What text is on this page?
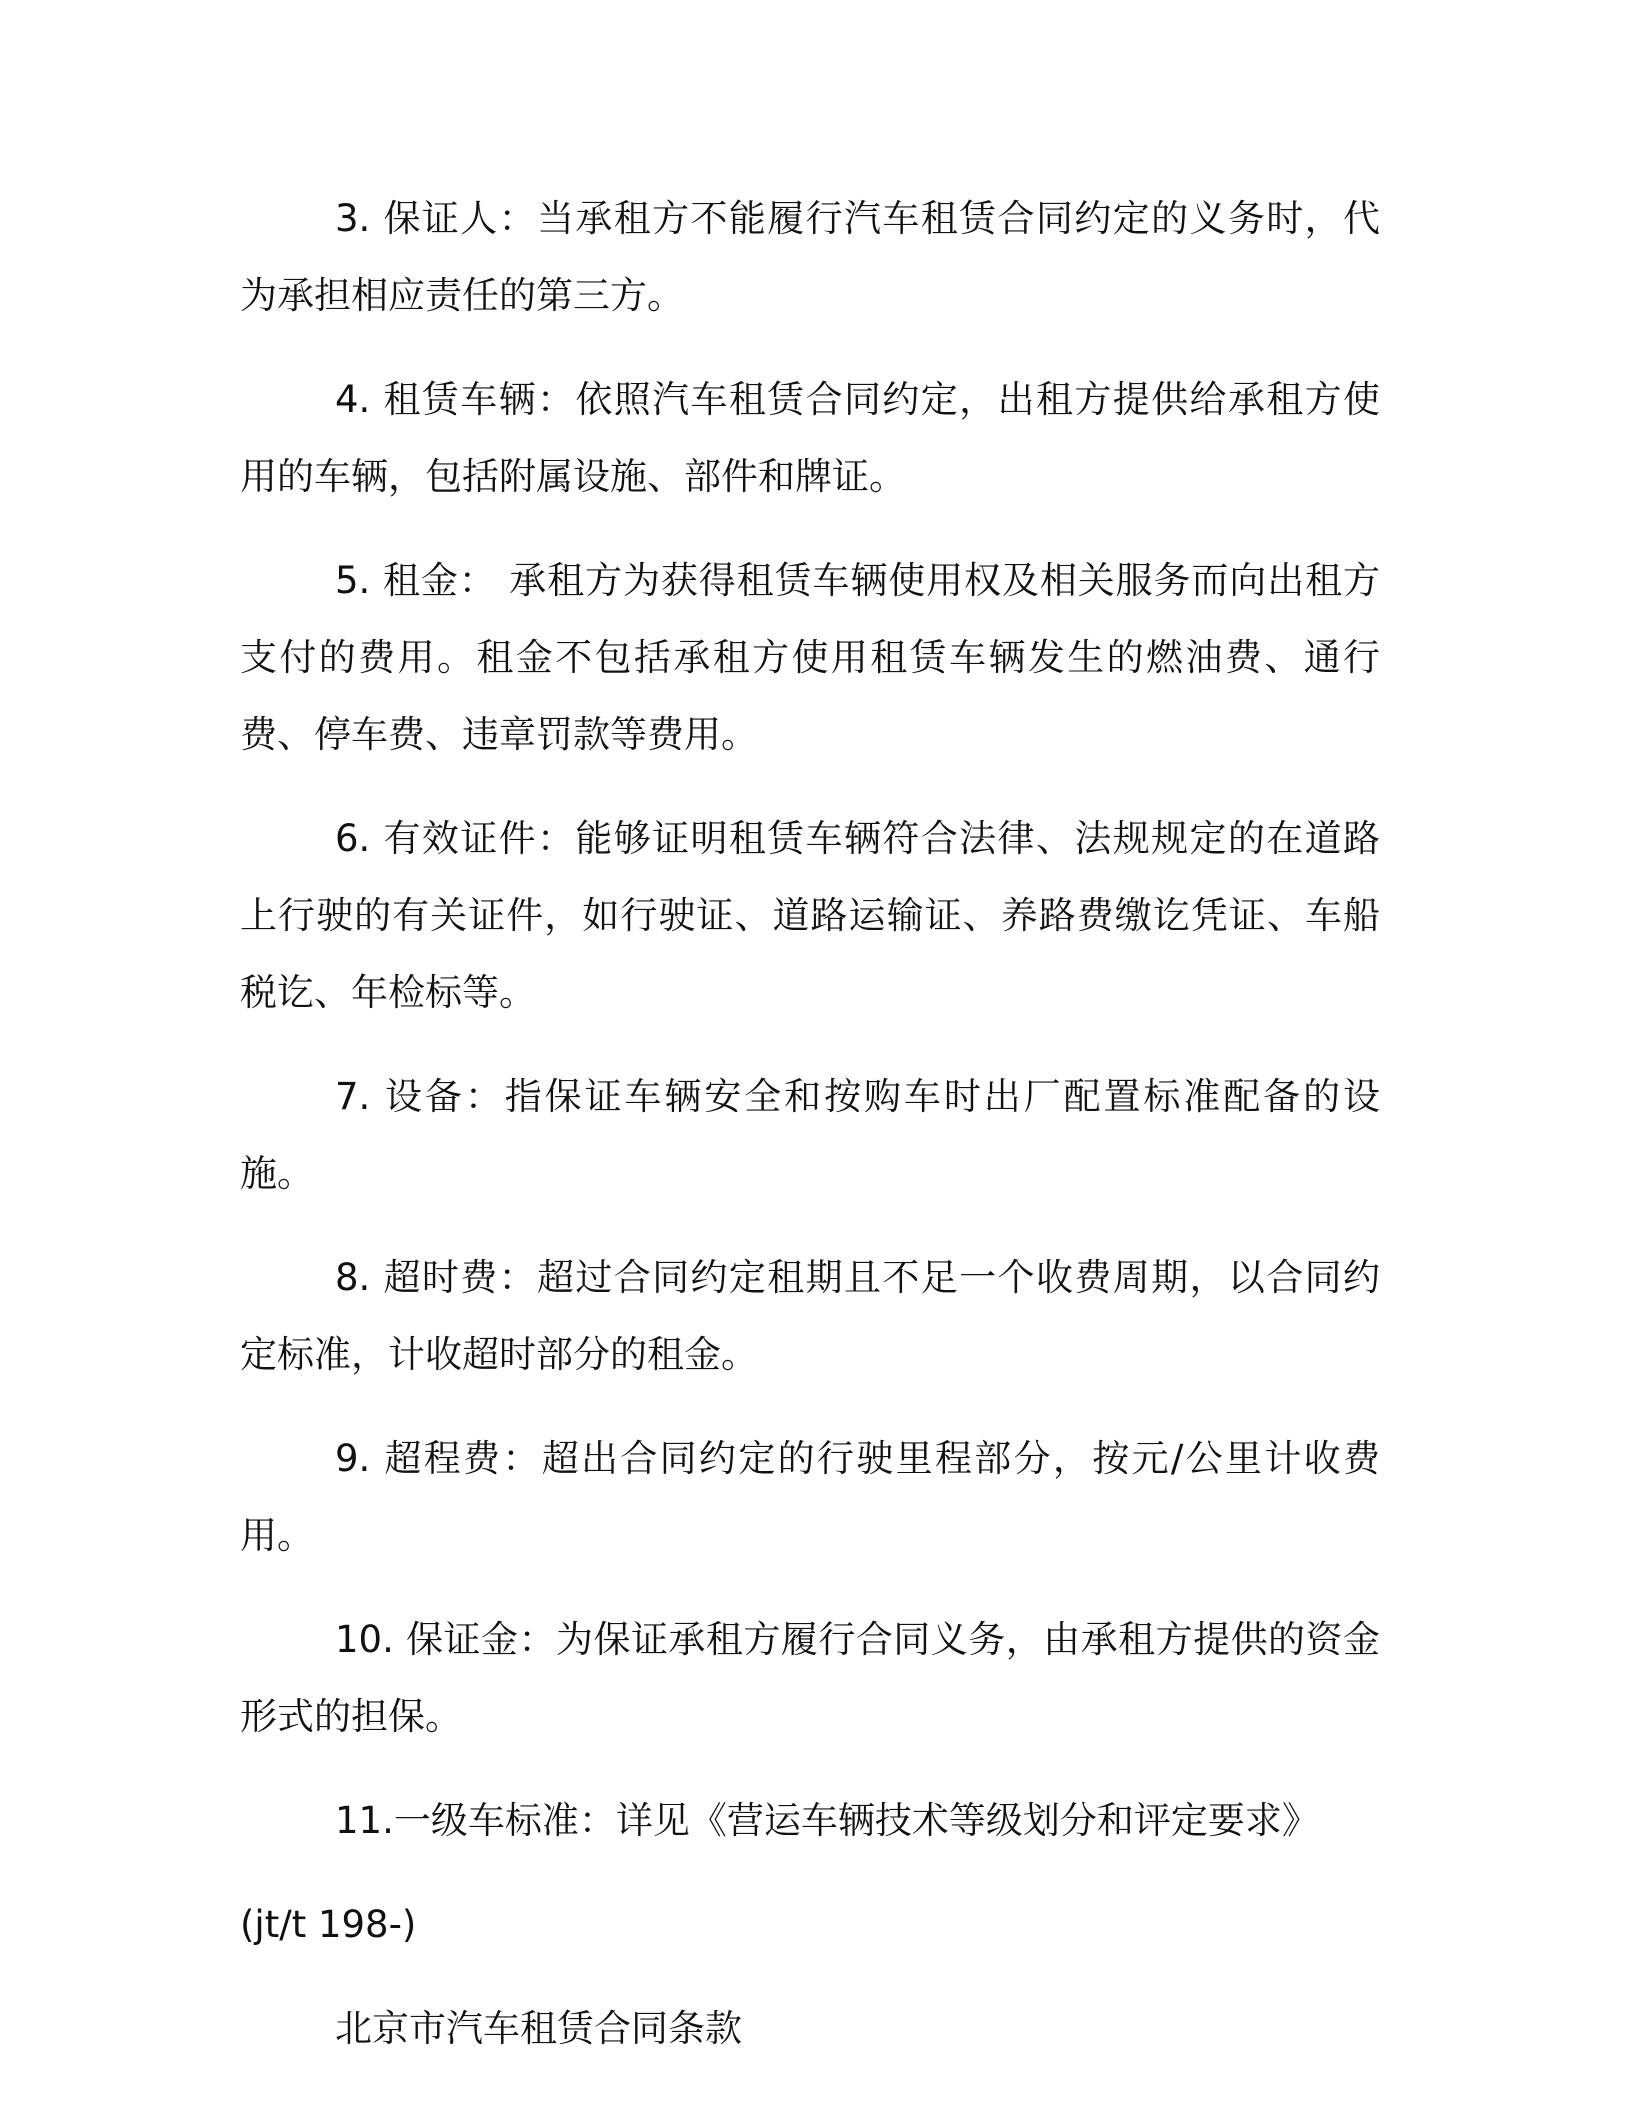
3. 保证人：当承租方不能履行汽车租赁合同约定的义务时，代为承担相应责任的第三方。

4. 租赁车辆：依照汽车租赁合同约定，出租方提供给承租方使用的车辆，包括附属设施、部件和牌证。

5. 租金： 承租方为获得租赁车辆使用权及相关服务而向出租方支付的费用。租金不包括承租方使用租赁车辆发生的燃油费、通行费、停车费、违章罚款等费用。

6. 有效证件：能够证明租赁车辆符合法律、法规规定的在道路上行驶的有关证件，如行驶证、道路运输证、养路费缴讫凭证、车船税讫、年检标等。

7. 设备：指保证车辆安全和按购车时出厂配置标准配备的设施。

8. 超时费：超过合同约定租期且不足一个收费周期，以合同约定标准，计收超时部分的租金。

9. 超程费：超出合同约定的行驶里程部分，按元/公里计收费用。

10. 保证金：为保证承租方履行合同义务，由承租方提供的资金形式的担保。

11.一级车标准：详见《营运车辆技术等级划分和评定要求》

(jt/t 198-)

北京市汽车租赁合同条款
